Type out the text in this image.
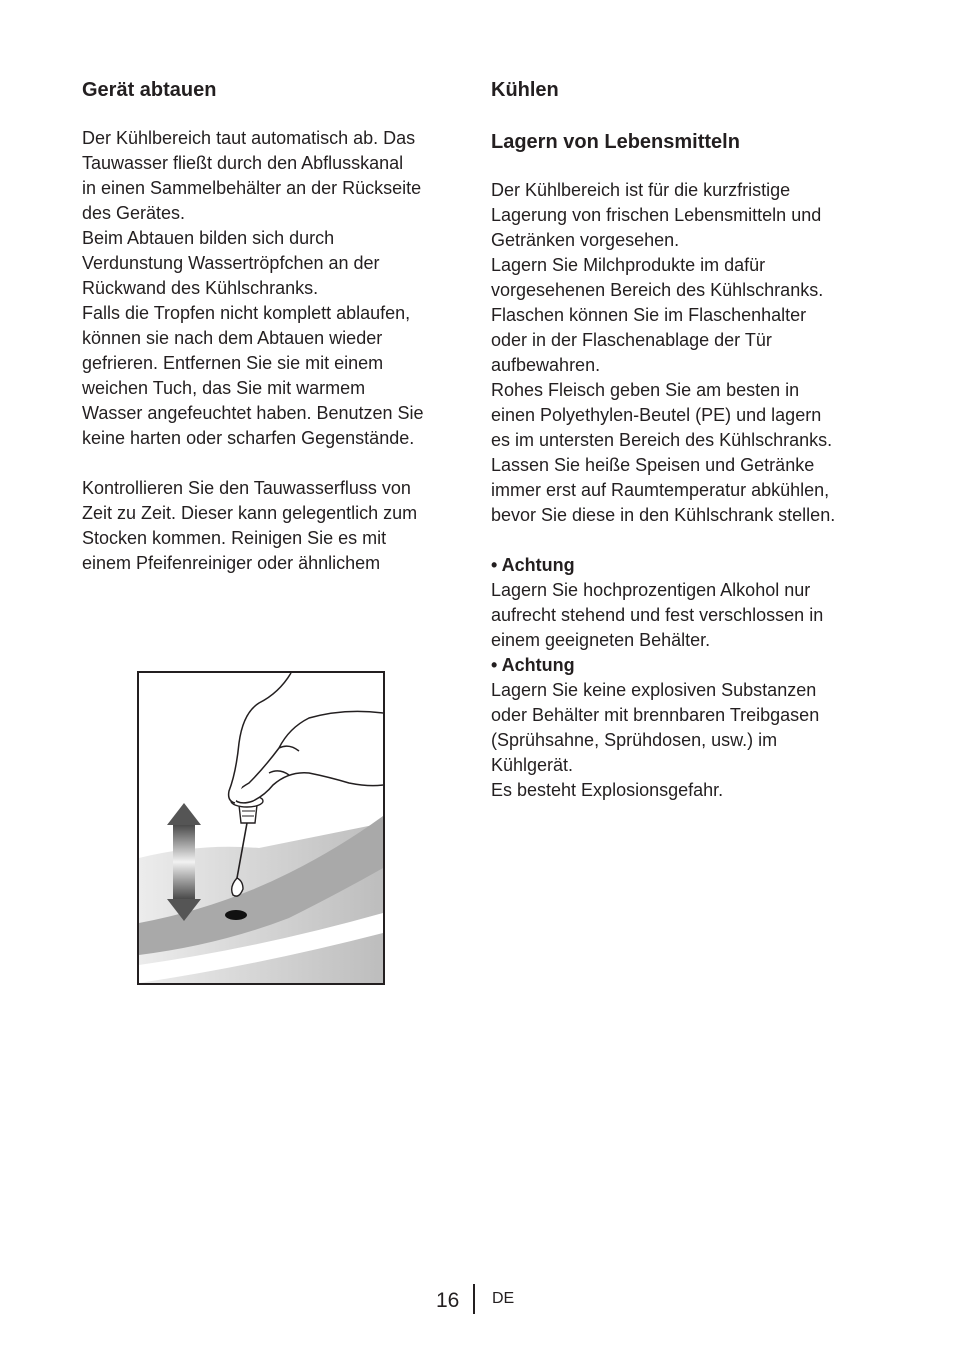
Gerät abtauen

Der Kühlbereich taut automatisch ab. Das

Tauwasser fließt durch den Abflusskanal

in einen Sammelbehälter an der Rückseite

des Gerätes.

Beim Abtauen bilden sich durch

Verdunstung Wassertröpfchen an der

Rückwand des Kühlschranks.

Falls die Tropfen nicht komplett ablaufen,

können sie nach dem Abtauen wieder

gefrieren. Entfernen Sie sie mit einem

weichen Tuch, das Sie mit warmem

Wasser angefeuchtet haben. Benutzen Sie

keine harten oder scharfen Gegenstände.

Kontrollieren Sie den Tauwasserfluss von

Zeit zu Zeit. Dieser kann gelegentlich zum

Stocken kommen. Reinigen Sie es mit

einem Pfeifenreiniger oder ähnlichem

Kühlen
Lagern von Lebensmitteln

Der Kühlbereich ist für die kurzfristige

Lagerung von frischen Lebensmitteln und

Getränken vorgesehen.

Lagern Sie Milchprodukte im dafür

vorgesehenen Bereich des Kühlschranks.

Flaschen können Sie im Flaschenhalter

oder in der Flaschenablage der Tür

aufbewahren.

Rohes Fleisch geben Sie am besten in

einen Polyethylen-Beutel (PE) und lagern

es im untersten Bereich des Kühlschranks.

Lassen Sie heiße Speisen und Getränke

immer erst auf Raumtemperatur abkühlen,

bevor Sie diese in den Kühlschrank stellen.

• Achtung

Lagern Sie hochprozentigen Alkohol nur

aufrecht stehend und fest verschlossen in

einem geeigneten Behälter.

• Achtung

Lagern Sie keine explosiven Substanzen

oder Behälter mit brennbaren Treibgasen

(Sprühsahne, Sprühdosen, usw.) im

Kühlgerät.

Es besteht Explosionsgefahr.

16 DE
